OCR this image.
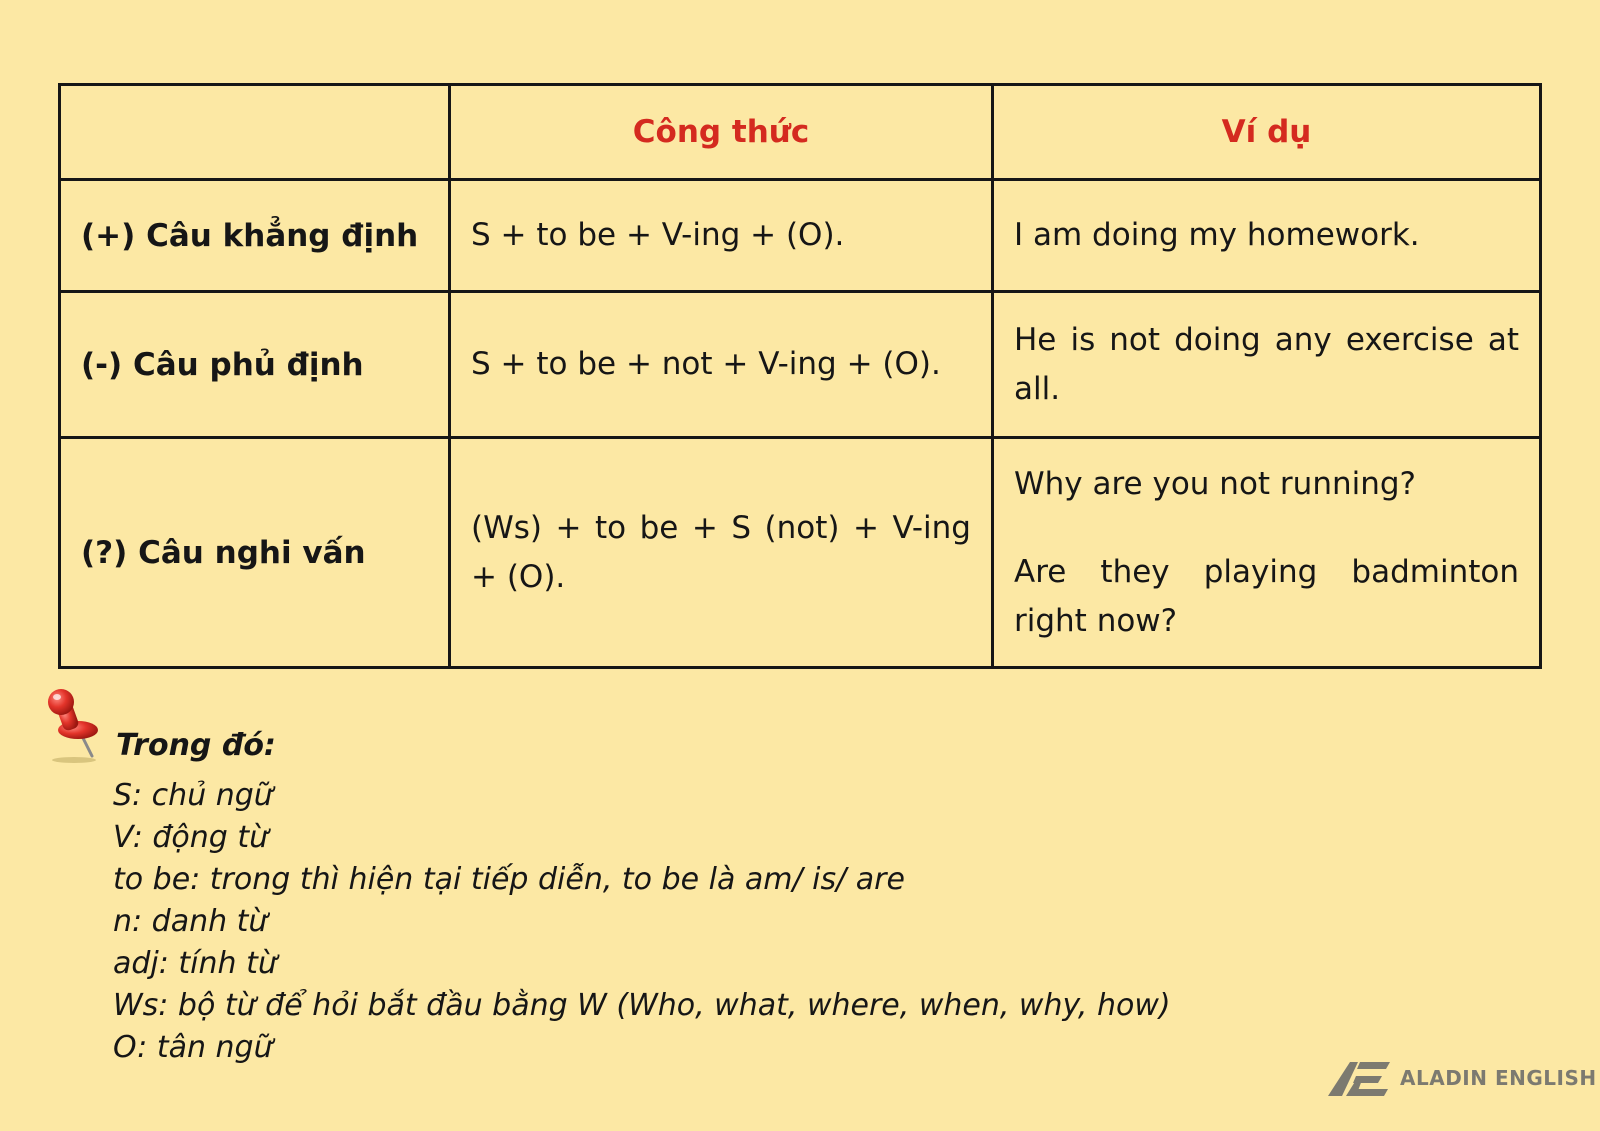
	Công thức	Ví dụ
(+) Câu khẳng định	S + to be + V-ing + (O).	I am doing my homework.

(-) Câu phủ định	S + to be + not + V-ing + (O).	He is not doing any exercise at all.

(?) Câu nghi vấn	(Ws) + to be + S (not) + V-ing + (O).	Why are you not running?
Are they playing badminton right now?
Trong đó:
S: chủ ngữ
V: động từ
to be: trong thì hiện tại tiếp diễn, to be là am/ is/ are
n: danh từ
adj: tính từ
Ws: bộ từ để hỏi bắt đầu bằng W (Who, what, where, when, why, how)
O: tân ngữ
ALADIN ENGLISH
